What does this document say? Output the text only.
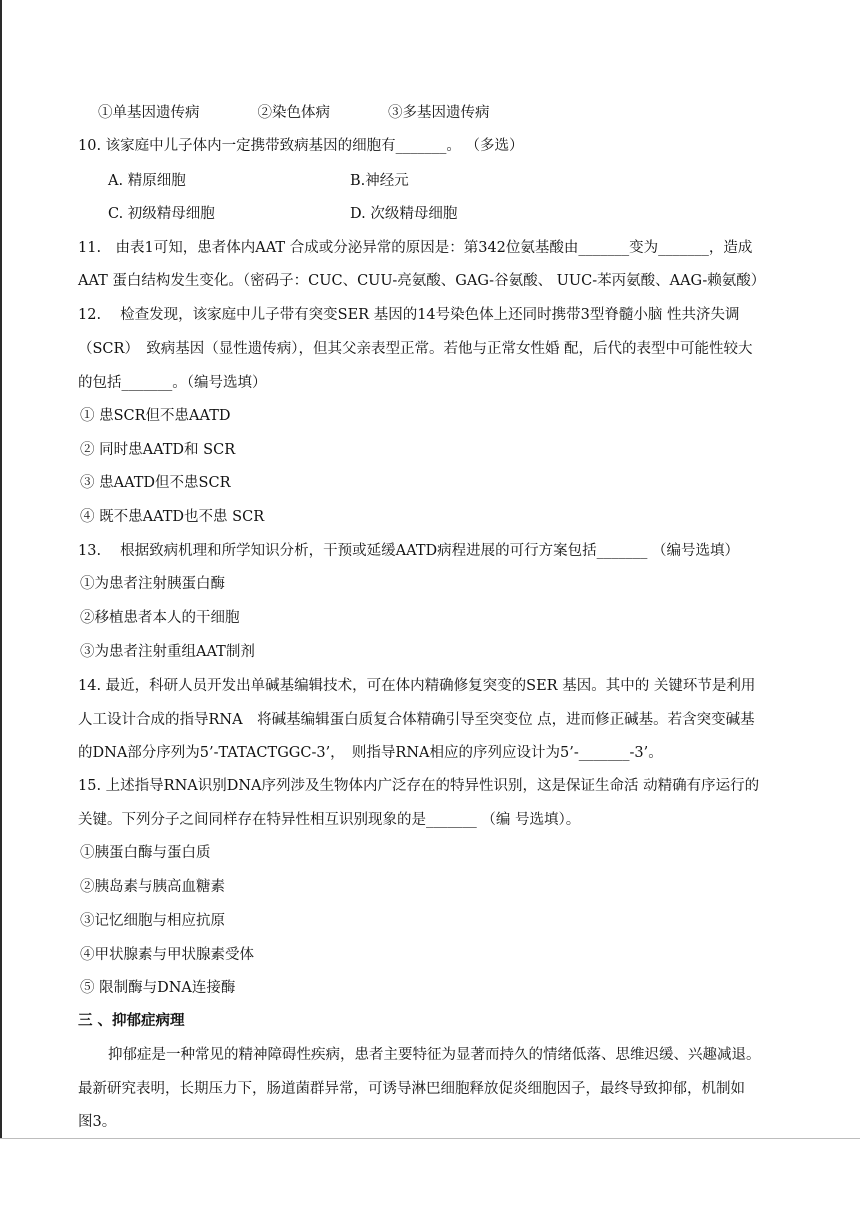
①单基因遗传病　　　　②染色体病　　　　③多基因遗传病
10. 该家庭中儿子体内一定携带致病基因的细胞有_______。 （多选）
A. 精原细胞	B.神经元
C. 初级精母细胞	D. 次级精母细胞
11.　由表1可知，患者体内AAT 合成或分泌异常的原因是：第342位氨基酸由_______变为_______，造成
AAT 蛋白结构发生变化。（密码子：CUC、CUU-亮氨酸、GAG-谷氨酸、 UUC-苯丙氨酸、AAG-赖氨酸）
12.　 检查发现，该家庭中儿子带有突变SER 基因的14号染色体上还同时携带3型脊髓小脑 性共济失调
（SCR）　致病基因（显性遗传病），但其父亲表型正常。若他与正常女性婚 配，后代的表型中可能性较大
的包括_______。（编号选填）
① 患SCR但不患AATD
② 同时患AATD和 SCR
③ 患AATD但不患SCR
④ 既不患AATD也不患 SCR
13.　 根据致病机理和所学知识分析，干预或延缓AATD病程进展的可行方案包括_______ （编号选填）
①为患者注射胰蛋白酶
②移植患者本人的干细胞
③为患者注射重组AAT制剂
14. 最近，科研人员开发出单碱基编辑技术，可在体内精确修复突变的SER 基因。其中的 关键环节是利用
人工设计合成的指导RNA　将碱基编辑蛋白质复合体精确引导至突变位 点，进而修正碱基。若含突变碱基
的DNA部分序列为5’-TATACTGGC-3’，　则指导RNA相应的序列应设计为5’-_______-3’。
15. 上述指导RNA识别DNA序列涉及生物体内广泛存在的特异性识别，这是保证生命活 动精确有序运行的
关键。下列分子之间同样存在特异性相互识别现象的是_______ （编 号选填）。
①胰蛋白酶与蛋白质
②胰岛素与胰高血糖素
③记忆细胞与相应抗原
④甲状腺素与甲状腺素受体
⑤ 限制酶与DNA连接酶
三 、抑郁症病理
抑郁症是一种常见的精神障碍性疾病，患者主要特征为显著而持久的情绪低落、思维迟缓、兴趣减退。
最新研究表明，长期压力下，肠道菌群异常，可诱导淋巴细胞释放促炎细胞因子，最终导致抑郁，机制如
图3。
